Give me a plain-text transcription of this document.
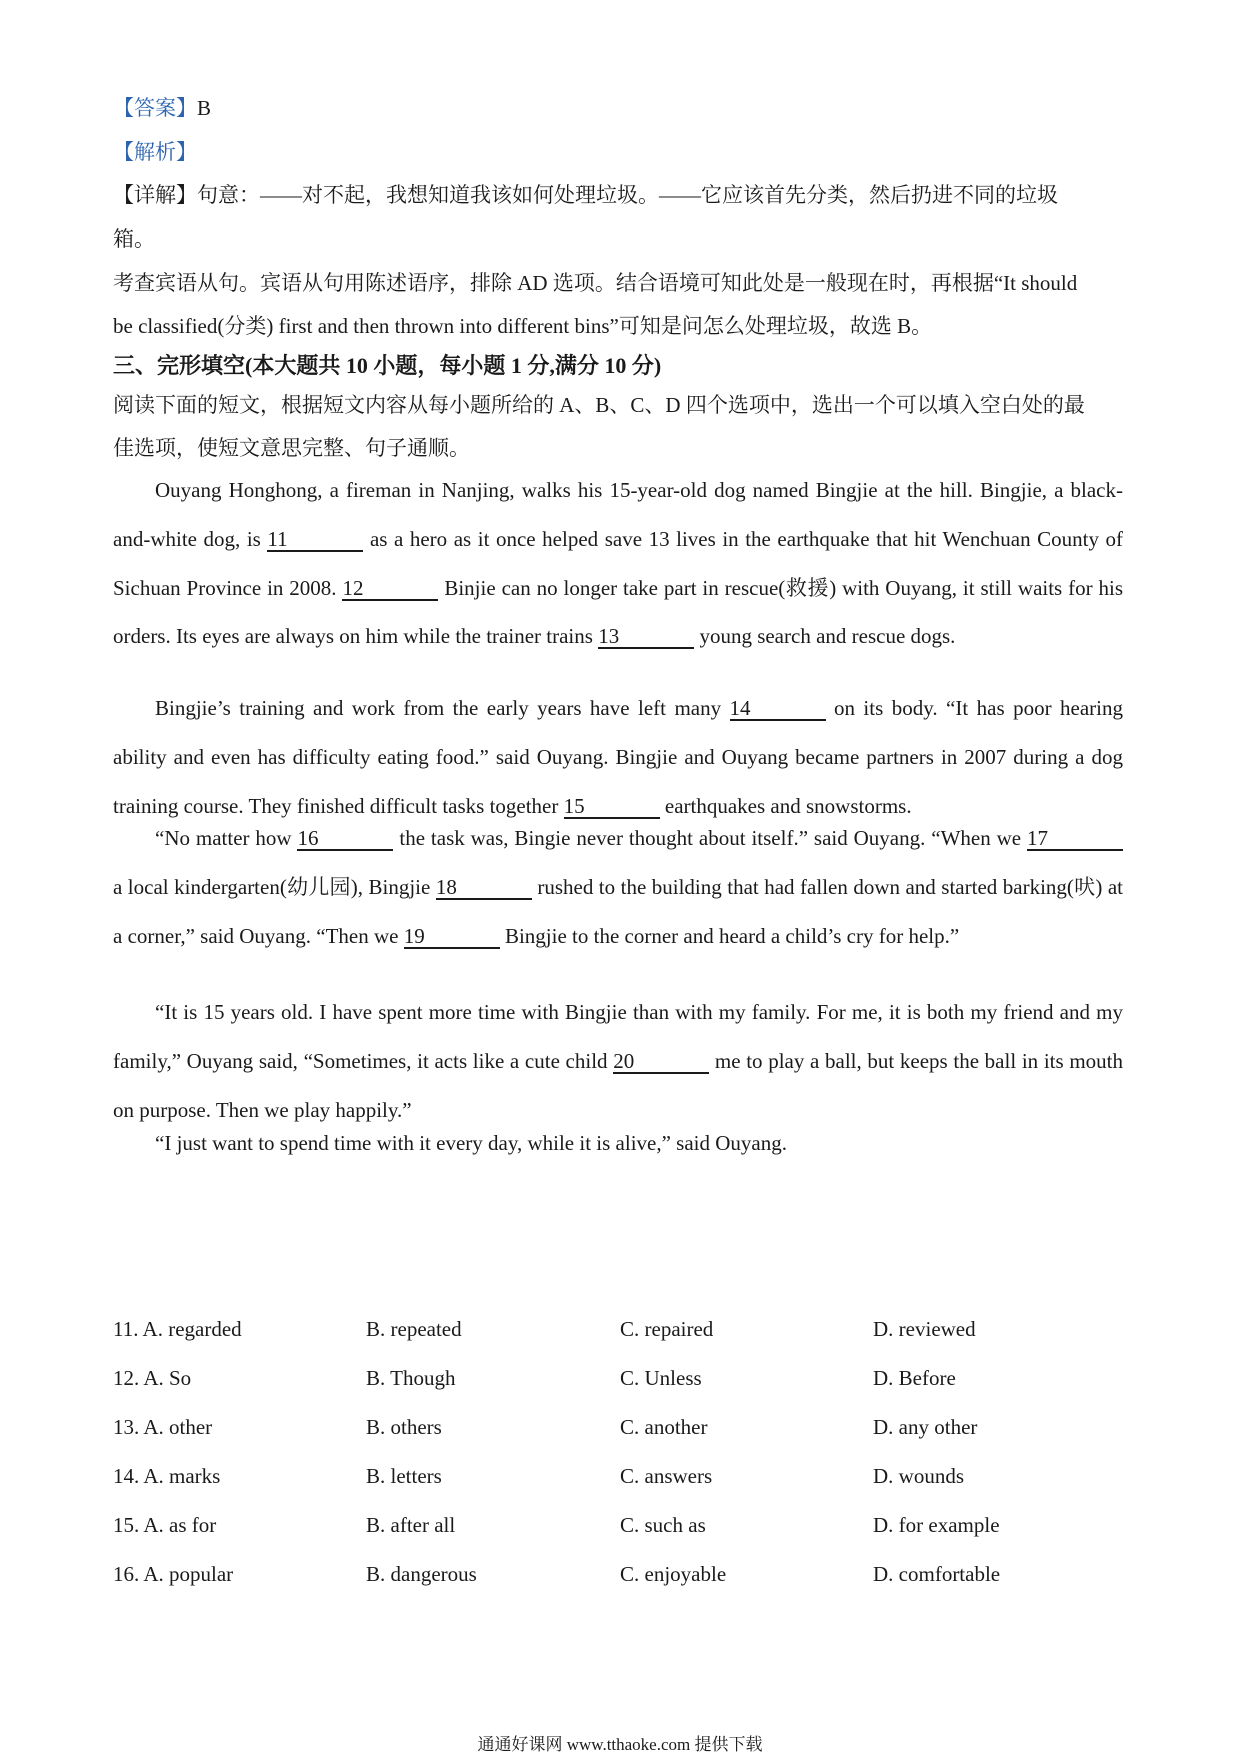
【答案】B
【解析】
【详解】句意：——对不起，我想知道我该如何处理垃圾。——它应该首先分类，然后扔进不同的垃圾
箱。
考查宾语从句。宾语从句用陈述语序，排除 AD 选项。结合语境可知此处是一般现在时，再根据“It should
be classified(分类) first and then thrown into different bins”可知是问怎么处理垃圾，故选 B。
三、完形填空(本大题共 10 小题，每小题 1 分,满分 10 分)
阅读下面的短文，根据短文内容从每小题所给的 A、B、C、D 四个选项中，选出一个可以填入空白处的最
佳选项，使短文意思完整、句子通顺。
Ouyang Honghong, a fireman in Nanjing, walks his 15-year-old dog named Bingjie at the hill. Bingjie, a black-and-white dog, is 11	as a hero as it once helped save 13 lives in the earthquake that hit Wenchuan County of Sichuan Province in 2008. 12	Binjie can no longer take part in rescue(救援) with Ouyang, it still waits for his orders. Its eyes are always on him while the trainer trains 13	young search and rescue dogs.
Bingjie’s training and work from the early years have left many 14	on its body. “It has poor hearing ability and even has difficulty eating food.” said Ouyang. Bingjie and Ouyang became partners in 2007 during a dog training course. They finished difficult tasks together 15	earthquakes and snowstorms.
“No matter how 16	the task was, Bingie never thought about itself.” said Ouyang. “When we 17 a local kindergarten(幼儿园), Bingjie 18	rushed to the building that had fallen down and started barking(吠) at a corner,” said Ouyang. “Then we 19	Bingjie to the corner and heard a child’s cry for help.”
“It is 15 years old. I have spent more time with Bingjie than with my family. For me, it is both my friend and my family,” Ouyang said, “Sometimes, it acts like a cute child 20	me to play a ball, but keeps the ball in its mouth on purpose. Then we play happily.”
“I just want to spend time with it every day, while it is alive,” said Ouyang.
11. A. regarded	B. repeated	C. repaired	D. reviewed
12. A. So	B. Though	C. Unless	D. Before
13. A. other	B. others	C. another	D. any other
14. A. marks	B. letters	C. answers	D. wounds
15. A. as for	B. after all	C. such as	D. for example
16. A. popular	B. dangerous	C. enjoyable	D. comfortable
通通好课网 www.tthaoke.com 提供下载
